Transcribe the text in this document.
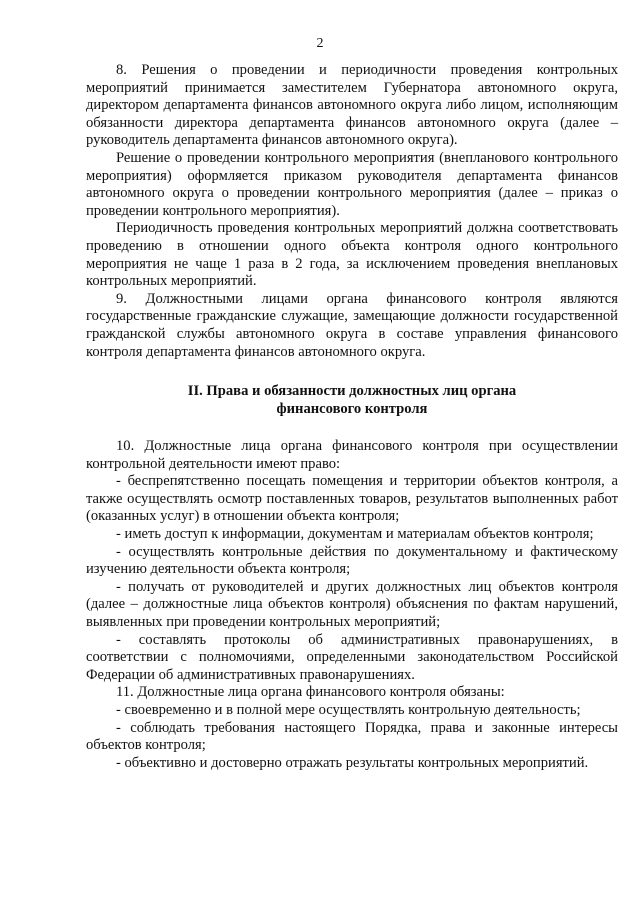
2

8. Решения о проведении и периодичности проведения контрольных мероприятий принимается заместителем Губернатора автономного округа, директором департамента финансов автономного округа либо лицом, исполняющим обязанности директора департамента финансов автономного округа (далее – руководитель департамента финансов автономного округа).

Решение о проведении контрольного мероприятия (внепланового контрольного мероприятия) оформляется приказом руководителя департамента финансов автономного округа о проведении контрольного мероприятия (далее – приказ о проведении контрольного мероприятия).

Периодичность проведения контрольных мероприятий должна соответствовать проведению в отношении одного объекта контроля одного контрольного мероприятия не чаще 1 раза в 2 года, за исключением проведения внеплановых контрольных мероприятий.

9. Должностными лицами органа финансового контроля являются государственные гражданские служащие, замещающие должности государственной гражданской службы автономного округа в составе управления финансового контроля департамента финансов автономного округа.

II. Права и обязанности должностных лиц органа
финансового контроля

10. Должностные лица органа финансового контроля при осуществлении контрольной деятельности имеют право:

- беспрепятственно посещать помещения и территории объектов контроля, а также осуществлять осмотр поставленных товаров, результатов выполненных работ (оказанных услуг) в отношении объекта контроля;

- иметь доступ к информации, документам и материалам объектов контроля;

- осуществлять контрольные действия по документальному и фактическому изучению деятельности объекта контроля;

- получать от руководителей и других должностных лиц объектов контроля (далее – должностные лица объектов контроля) объяснения по фактам нарушений, выявленных при проведении контрольных мероприятий;

- составлять протоколы об административных правонарушениях, в соответствии с полномочиями, определенными законодательством Российской Федерации об административных правонарушениях.

11. Должностные лица органа финансового контроля обязаны:

- своевременно и в полной мере осуществлять контрольную деятельность;

- соблюдать требования настоящего Порядка, права и законные интересы объектов контроля;

- объективно и достоверно отражать результаты контрольных мероприятий.
